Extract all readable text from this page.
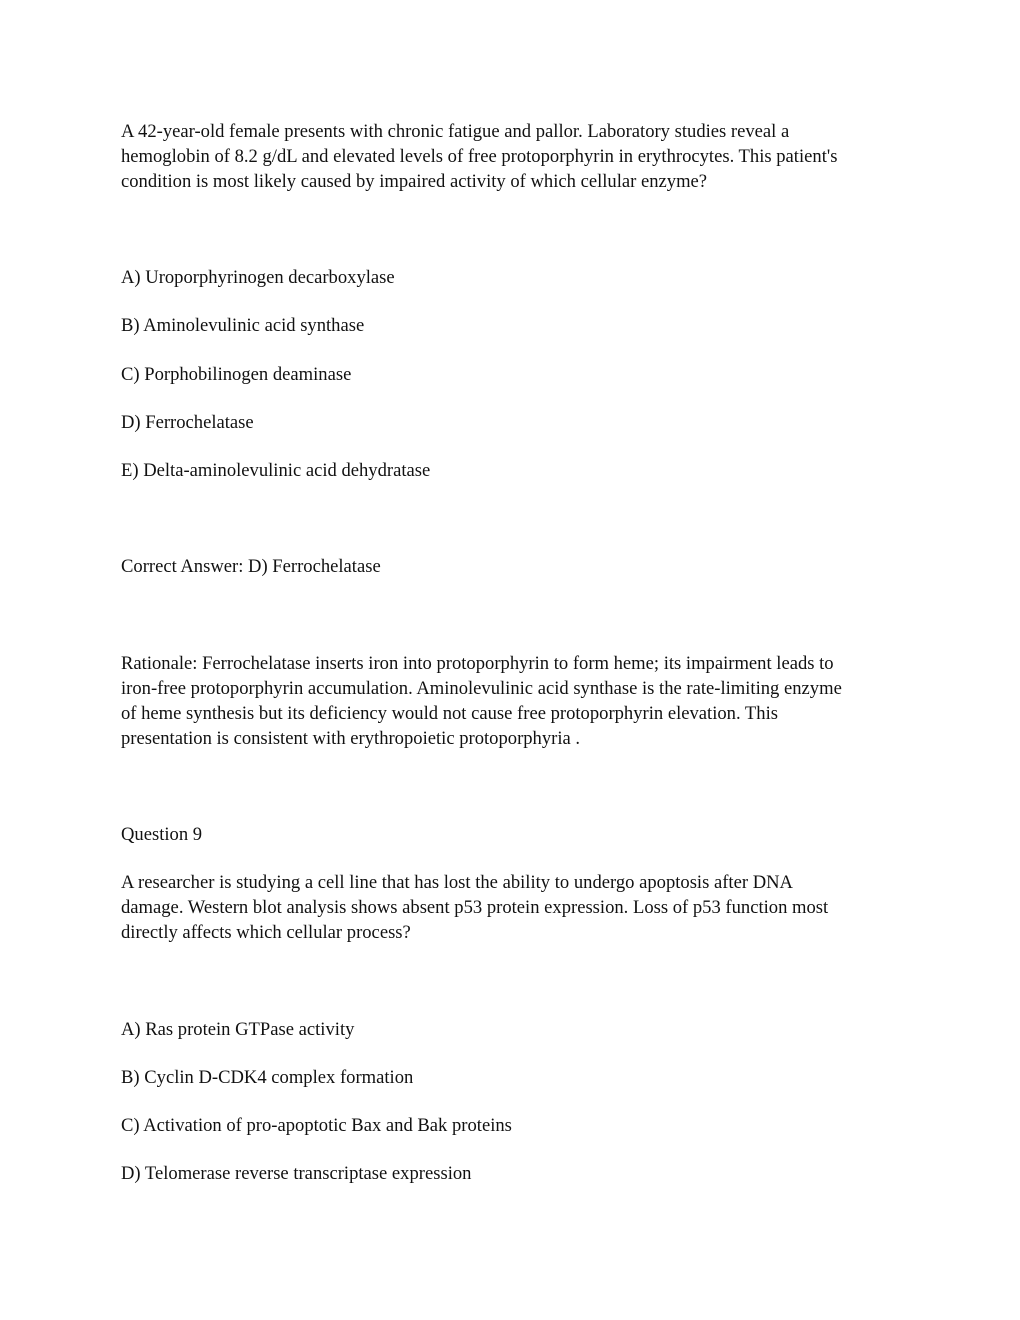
A 42-year-old female presents with chronic fatigue and pallor. Laboratory studies reveal a
hemoglobin of 8.2 g/dL and elevated levels of free protoporphyrin in erythrocytes. This patient's
condition is most likely caused by impaired activity of which cellular enzyme?
A) Uroporphyrinogen decarboxylase
B) Aminolevulinic acid synthase
C) Porphobilinogen deaminase
D) Ferrochelatase
E) Delta-aminolevulinic acid dehydratase
Correct Answer: D) Ferrochelatase
Rationale: Ferrochelatase inserts iron into protoporphyrin to form heme; its impairment leads to
iron-free protoporphyrin accumulation. Aminolevulinic acid synthase is the rate-limiting enzyme
of heme synthesis but its deficiency would not cause free protoporphyrin elevation. This
presentation is consistent with erythropoietic protoporphyria .
Question 9
A researcher is studying a cell line that has lost the ability to undergo apoptosis after DNA
damage. Western blot analysis shows absent p53 protein expression. Loss of p53 function most
directly affects which cellular process?
A) Ras protein GTPase activity
B) Cyclin D-CDK4 complex formation
C) Activation of pro-apoptotic Bax and Bak proteins
D) Telomerase reverse transcriptase expression
